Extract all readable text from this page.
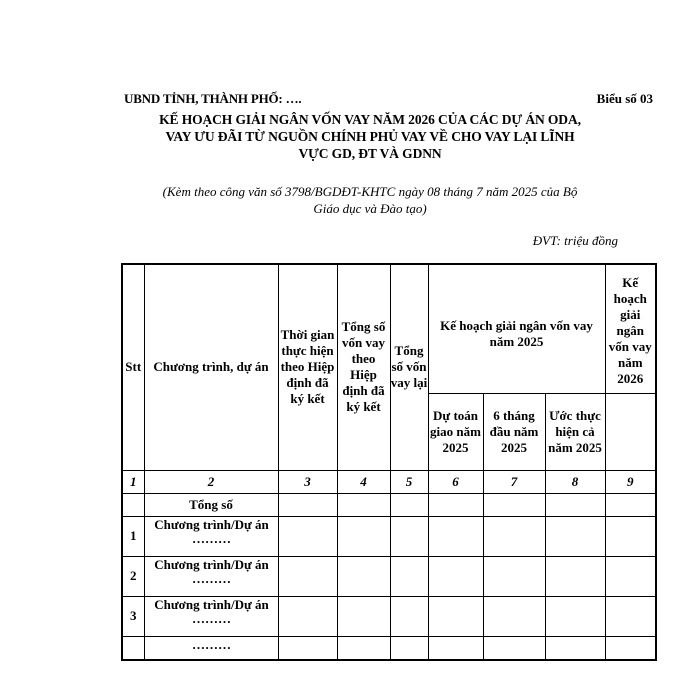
UBND TỈNH, THÀNH PHỐ: ….	Biểu số 03
KẾ HOẠCH GIẢI NGÂN VỐN VAY NĂM 2026 CỦA CÁC DỰ ÁN ODA,
VAY ƯU ĐÃI TỪ NGUỒN CHÍNH PHỦ VAY VỀ CHO VAY LẠI LĨNH
VỰC GD, ĐT VÀ GDNN
(Kèm theo công văn số 3798/BGDĐT-KHTC ngày 08 tháng 7 năm 2025 của Bộ
Giáo dục và Đào tạo)
ĐVT: triệu đồng
Stt	Chương trình, dự án	Thời gian thực hiện theo Hiệp định đã ký kết	Tổng số vốn vay theo Hiệp định đã ký kết	Tổng số vốn vay lại	Kế hoạch giải ngân vốn vay năm 2025			Kế hoạch giải ngân vốn vay năm 2026
					Dự toán giao năm 2025	6 tháng đầu năm 2025	Ước thực hiện cả năm 2025	
1	2	3	4	5	6	7	8	9
	Tổng số							
1	Chương trình/Dự án
………							

2	Chương trình/Dự án
………							

3	Chương trình/Dự án
………							

	………							
